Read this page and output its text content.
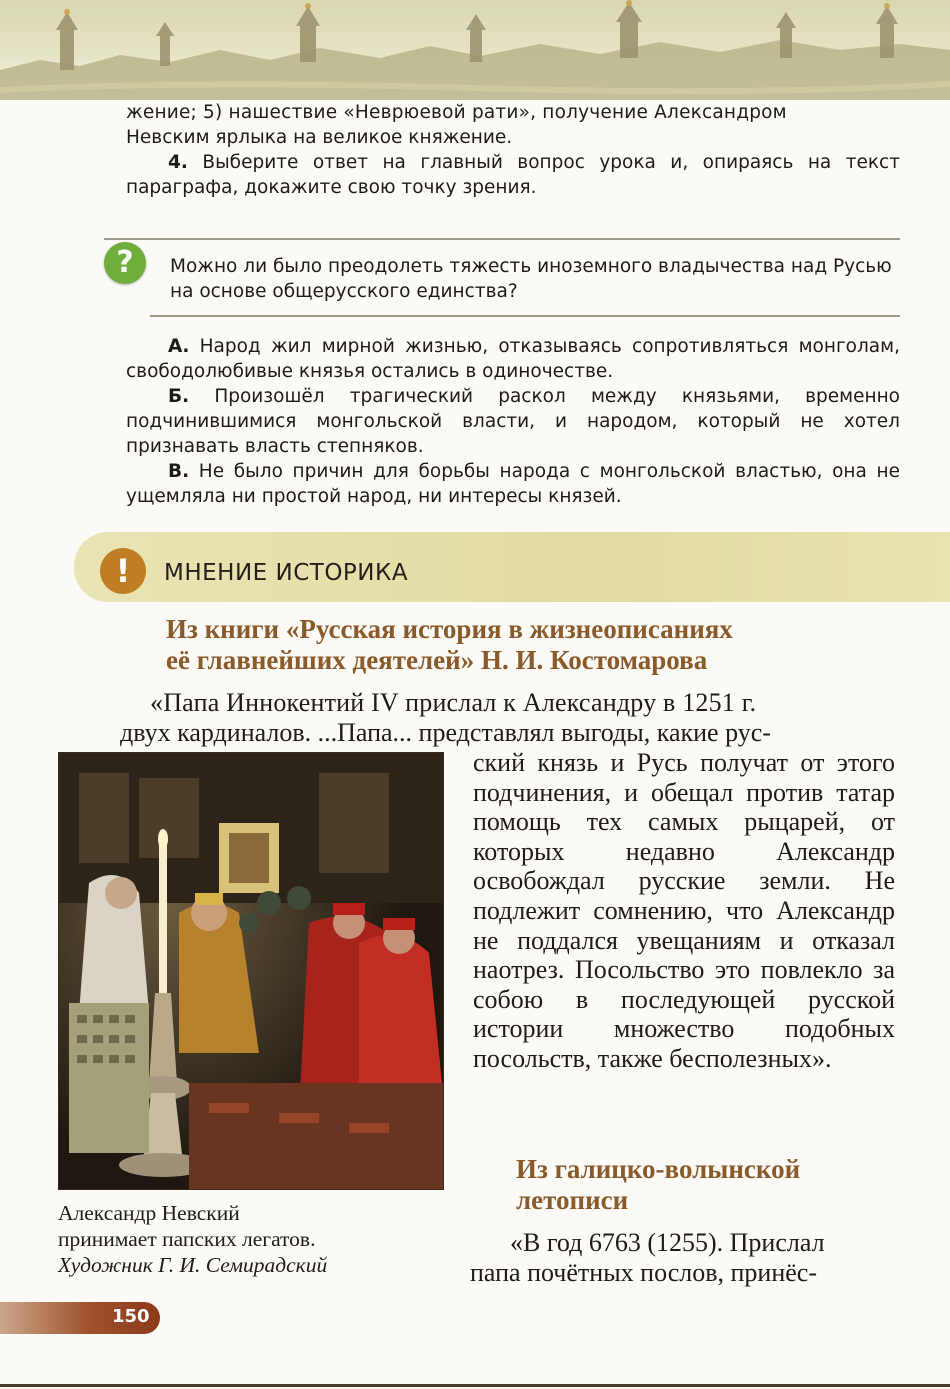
жение; 5) нашествие «Неврюевой рати», получение Александром
Невским ярлыка на великое княжение.
4. Выберите ответ на главный вопрос урока и, опираясь на текст параграфа, докажите свою точку зрения.
?	Можно ли было преодолеть тяжесть иноземного владычества над Русью на основе общерусского единства?
А. Народ жил мирной жизнью, отказываясь сопротивляться монголам, свободолюбивые князья остались в одиночестве.
Б. Произошёл трагический раскол между князьями, временно подчинившимися монгольской власти, и народом, который не хотел признавать власть степняков.
В. Не было причин для борьбы народа с монгольской властью, она не ущемляла ни простой народ, ни интересы князей.
!	МНЕНИЕ ИСТОРИКА
Из книги «Русская история в жизнеописаниях
её главнейших деятелей» Н. И. Костомарова
«Папа Иннокентий IV прислал к Александру в 1251 г.
двух кардиналов. ...Папа... представлял выгоды, какие рус-
ский князь и Русь получат от этого подчинения, и обещал против татар помощь тех самых рыцарей, от которых недавно Александр освобождал русские земли. Не подлежит сомнению, что Александр не поддался увещаниям и отказал наотрез. Посольство это повлекло за собою в последующей русской истории множество подобных посольств, также бесполезных».
Александр Невский
принимает папских легатов.
Художник Г. И. Семирадский
Из галицко-волынской
летописи
«В год 6763 (1255). Прислал
папа почётных послов, принёс-
150
